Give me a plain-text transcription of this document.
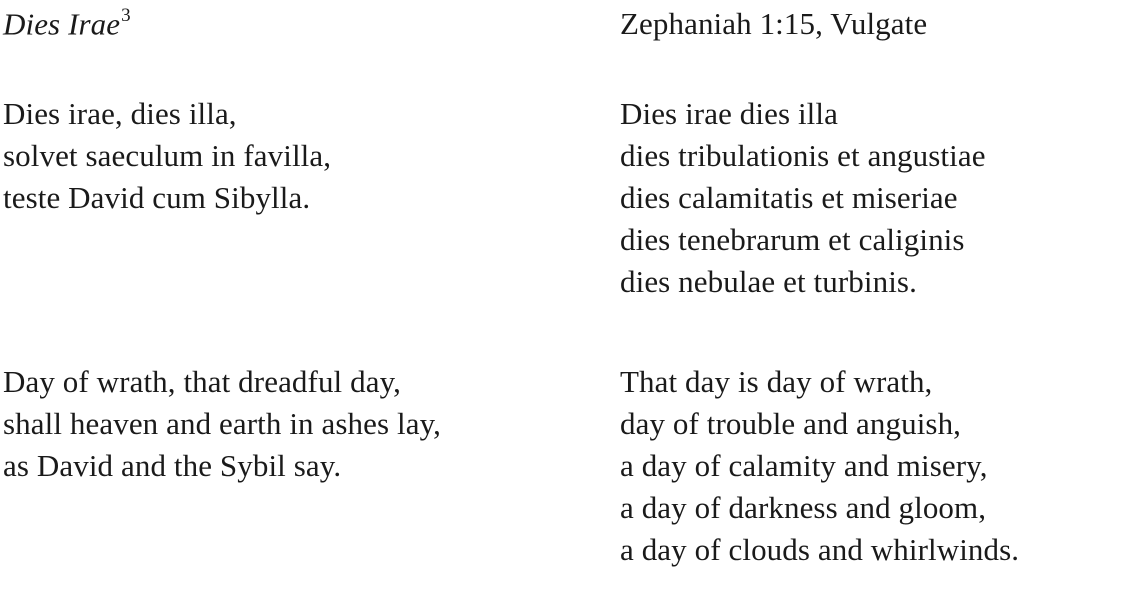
Dies Irae$^3$
Dies irae, dies illa,
solvet saeculum in favilla,
teste David cum Sibylla.
Day of wrath, that dreadful day,
shall heaven and earth in ashes lay,
as David and the Sybil say.
Zephaniah 1:15, Vulgate
Dies irae dies illa
dies tribulationis et angustiae
dies calamitatis et miseriae
dies tenebrarum et caliginis
dies nebulae et turbinis.
That day is day of wrath,
day of trouble and anguish,
a day of calamity and misery,
a day of darkness and gloom,
a day of clouds and whirlwinds.
